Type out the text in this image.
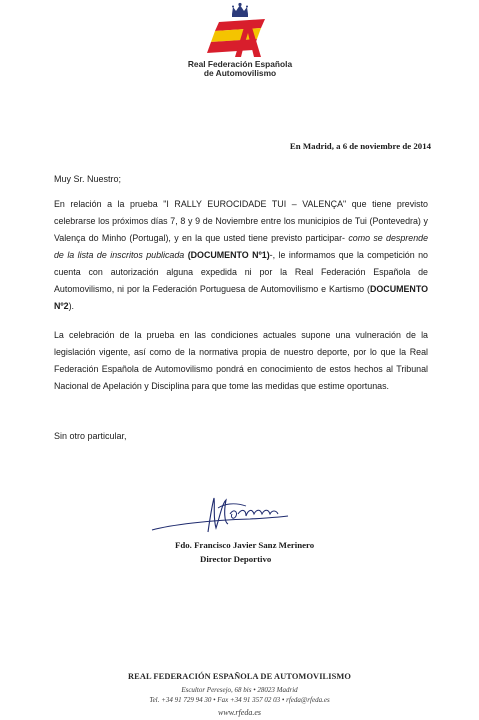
Real Federación Española
de Automovilismo
En Madrid, a 6 de noviembre de 2014
Muy Sr. Nuestro;
En relación a la prueba "I RALLY EUROCIDADE TUI – VALENÇA" que tiene previsto celebrarse los próximos días 7, 8 y 9 de Noviembre entre los municipios de Tui (Pontevedra) y Valença do Minho (Portugal), y en la que usted tiene previsto participar- como se desprende de la lista de inscritos publicada (DOCUMENTO Nº1)-, le informamos que la competición no cuenta con autorización alguna expedida ni por la Real Federación Española de Automovilismo, ni por la Federación Portuguesa de Automovilismo e Kartismo (DOCUMENTO Nº2).
La celebración de la prueba en las condiciones actuales supone una vulneración de la legislación vigente, así como de la normativa propia de nuestro deporte, por lo que la Real Federación Española de Automovilismo pondrá en conocimiento de estos hechos al Tribunal Nacional de Apelación y Disciplina para que tome las medidas que estime oportunas.
Sin otro particular,
Fdo. Francisco Javier Sanz Merinero
Director Deportivo
REAL FEDERACIÓN ESPAÑOLA DE AUTOMOVILISMO
Escultor Peresejo, 68 bis • 28023 Madrid
Tel. +34 91 729 94 30 • Fax +34 91 357 02 03 • rfeda@rfeda.es
www.rfeda.es
